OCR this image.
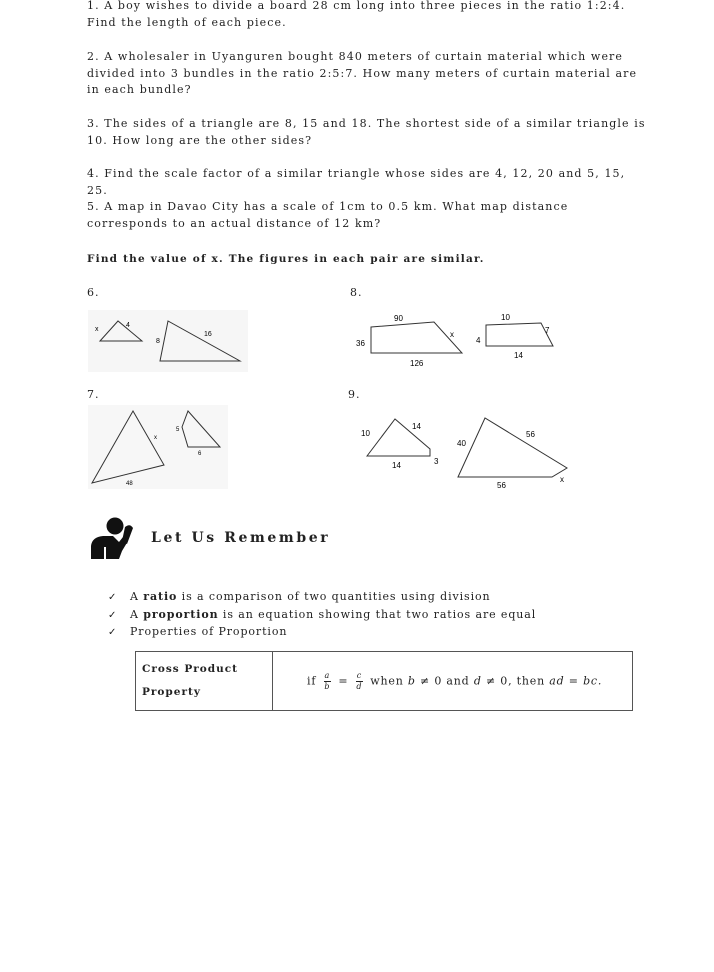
1. A boy wishes to divide a board 28 cm long into three pieces in the ratio 1:2:4. Find the length of each piece.

2. A wholesaler in Uyanguren bought 840 meters of curtain material which were divided into 3 bundles in the ratio 2:5:7. How many meters of curtain material are in each bundle?

3. The sides of a triangle are 8, 15 and 18. The shortest side of a similar triangle is 10. How long are the other sides?

4. Find the scale factor of a similar triangle whose sides are 4, 12, 20 and 5, 15, 25.

5. A map in Davao City has a scale of 1cm to 0.5 km. What map distance corresponds to an actual distance of 12 km?

Find the value of x. The figures in each pair are similar.
6.	8.
7.	9.
x
4
8
16
x
48
5
6
90
x
36
126
10
7
4
14
10
14
14	3
40
56
56
x
Let Us Remember
✓ A ratio is a comparison of two quantities using division
✓ A proportion is an equation showing that two ratios are equal
✓ Properties of Proportion
Cross Product
Property
	if $\frac{a}{b} = \frac{c}{d}$ when b ≠ 0 and d ≠ 0, then ad = bc.
